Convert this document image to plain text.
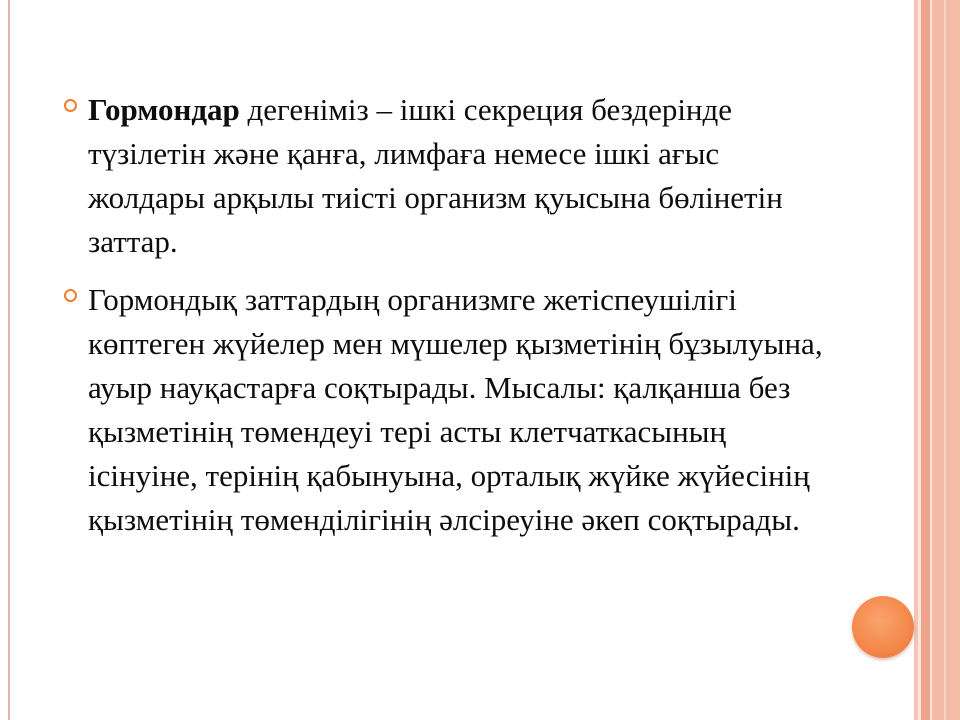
Гормондар дегеніміз – ішкі секреция бездерінде түзілетін және қанға, лимфаға немесе ішкі ағыс жолдары арқылы тиісті организм қуысына бөлінетін заттар.
Гормондық заттардың организмге жетіспеушілігі көптеген жүйелер мен мүшелер қызметінің бұзылуына, ауыр науқастарға соқтырады. Мысалы: қалқанша без қызметінің төмендеуі тері асты клетчаткасының ісінуіне, терінің қабынуына, орталық жүйке жүйесінің қызметінің төменділігінің әлсіреуіне әкеп соқтырады.
